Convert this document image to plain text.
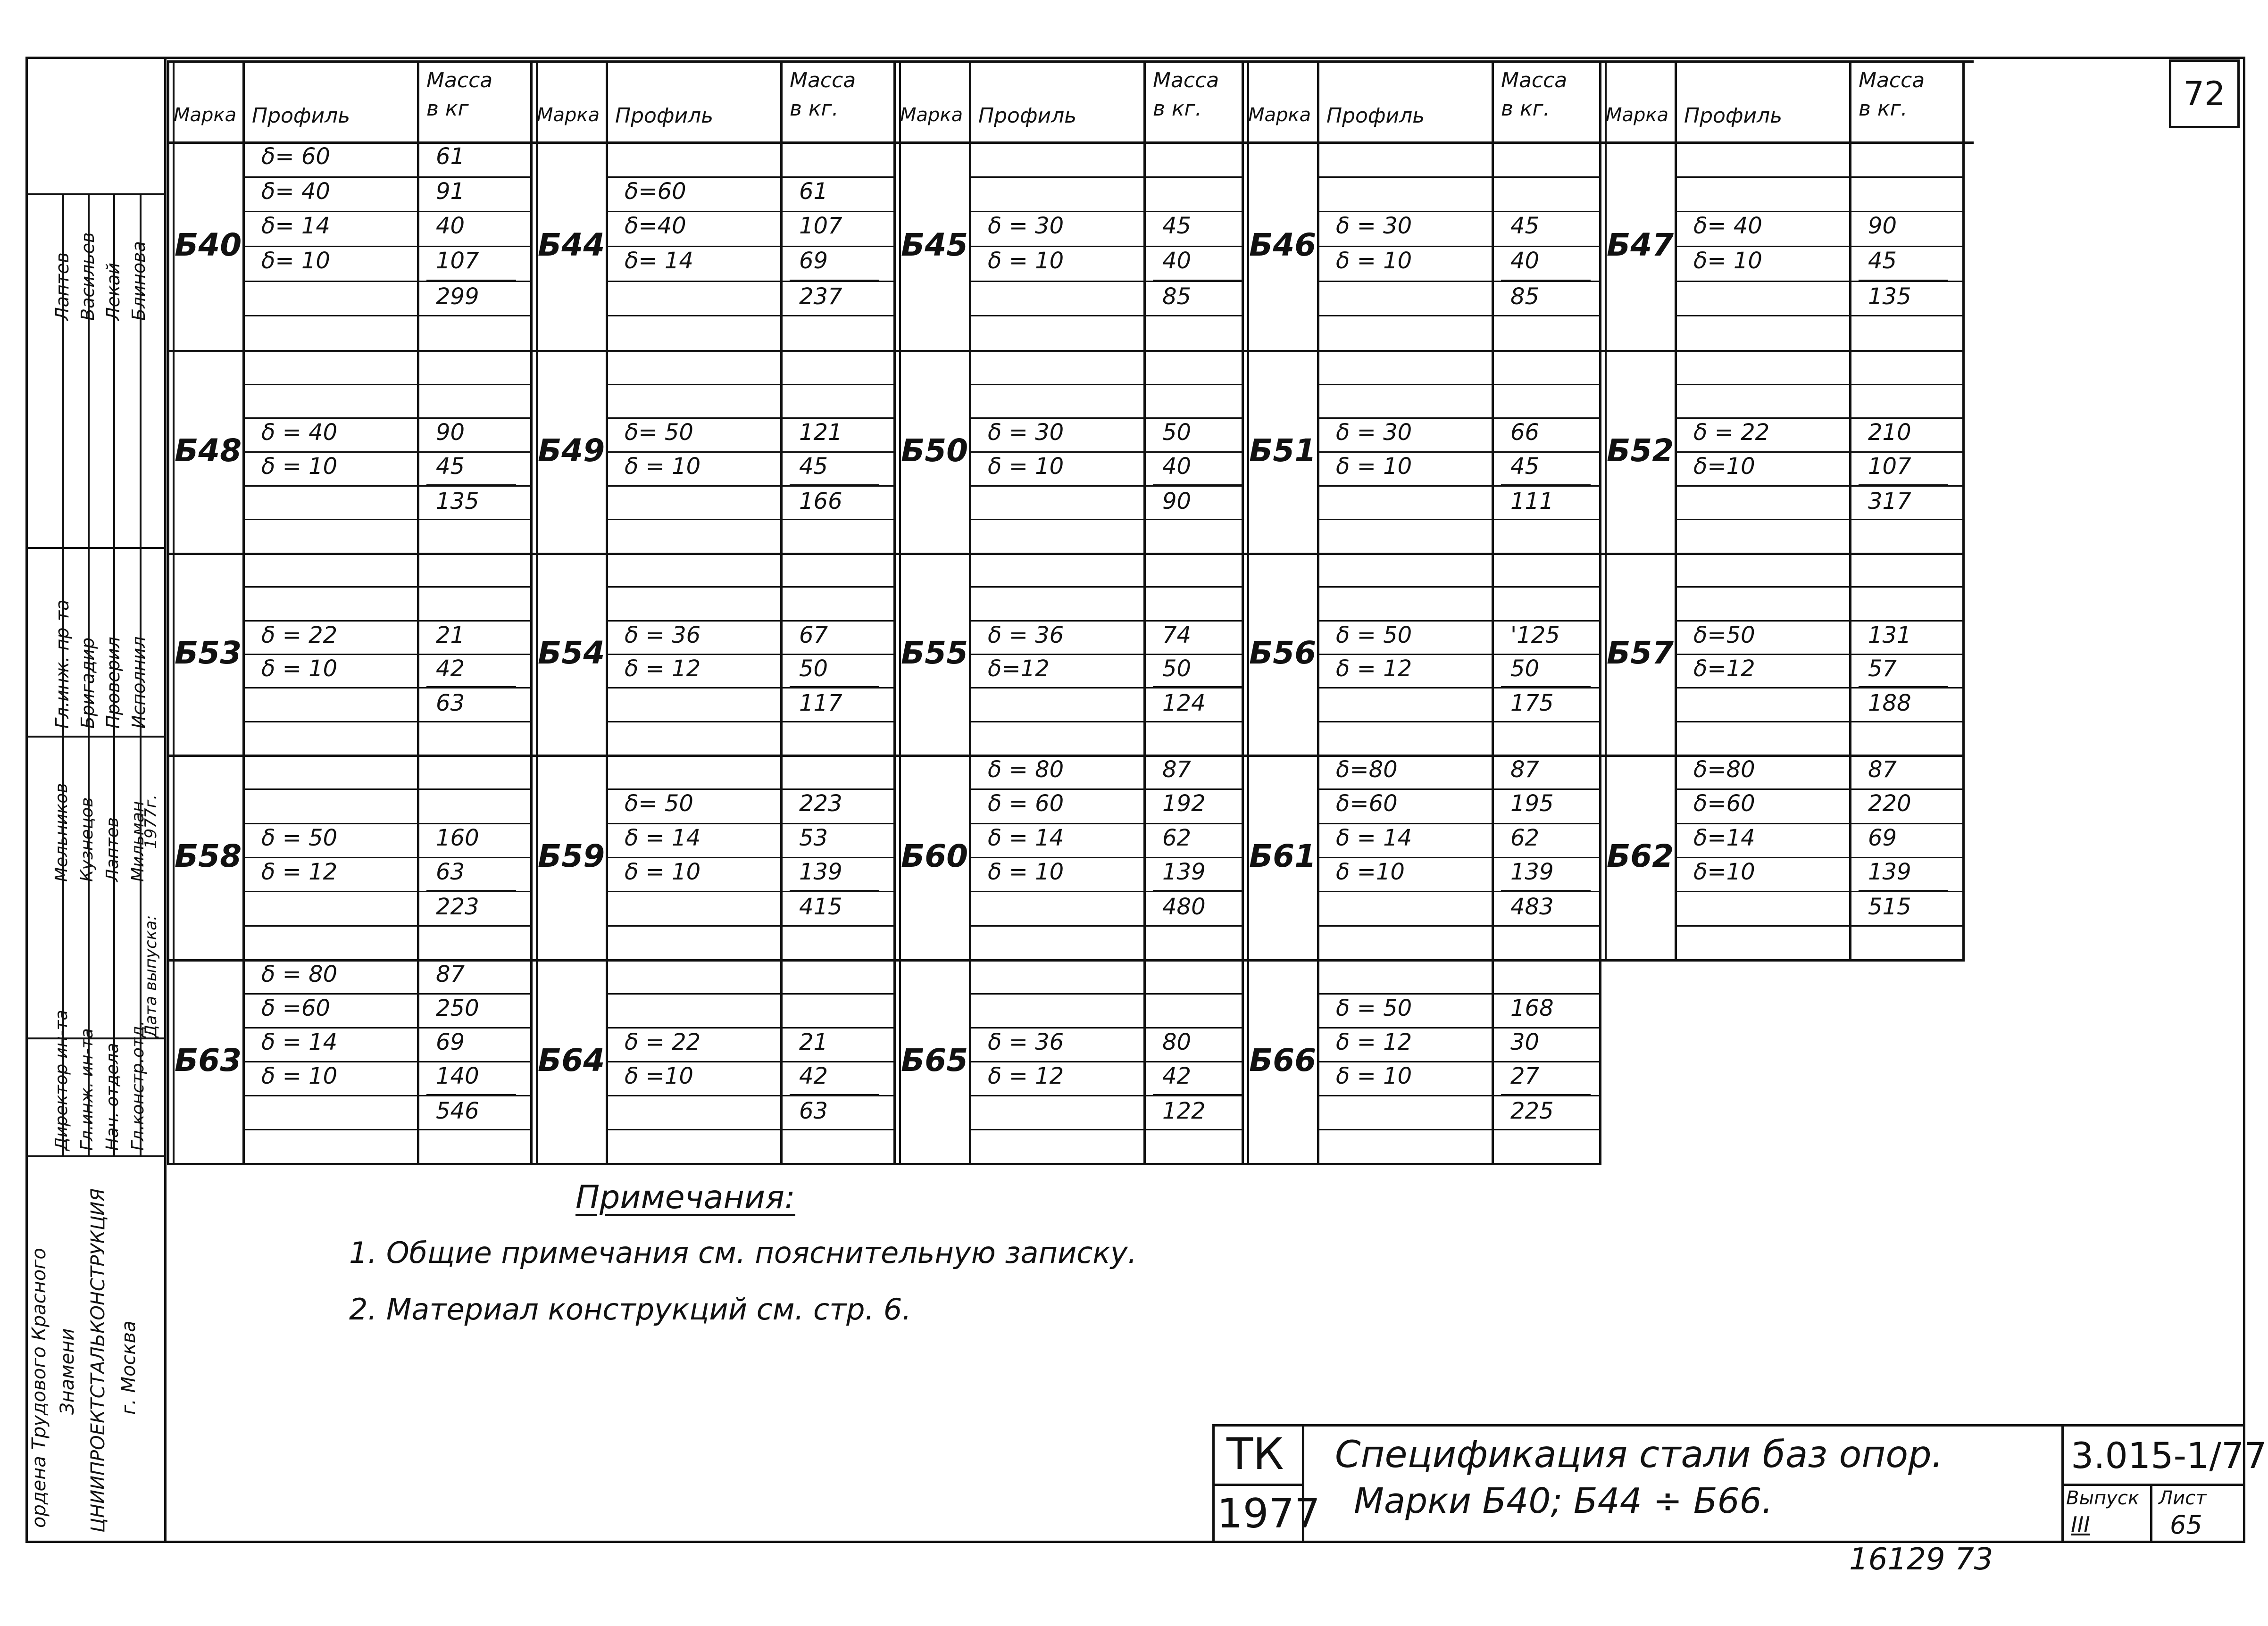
72
Гл.инж. пр-та
Лаптев
Бригадир
Васильев
Проверил
Лекай
Исполнил
Блинова
Директор ин-та
Мельников
Гл.инж. ин-та
Кузнецов
Нач. отдела
Лаптев
Гл.констр.отд.
Мильман
Дата выпуска:
1977г.
ордена Трудового Красного Знамени ЦНИИПРОЕКТСТАЛЬКОНСТРУКЦИЯ г. Москва
Марка Профиль
Масса
в кг
Б40
δ= 60	61
δ= 40	91
δ= 14	40
δ= 10	107
299
Б48 δ = 40	90
δ = 10	45
135
Б53 δ = 22	21
δ = 10	42
63
Б58
δ = 50	160
δ = 12	63
223
Б63
δ = 80	87
δ =60	250
δ = 14	69
δ = 10	140
546
Марка Профиль
Масса
в кг.
Б44
δ=60	61
δ=40	107
δ= 14	69
237
Б49 δ= 50	121
δ = 10	45
166
Б54 δ = 36	67
δ = 12	50
117
Б59
δ= 50	223
δ = 14	53
δ = 10	139
415
Б64 δ = 22	21
δ =10	42
63
Марка Профиль
Масса
в кг.
Б45
δ = 30	45
δ = 10	40
85
Б50 δ = 30	50
δ = 10	40
90
Б55 δ = 36	74
δ=12	50
124
Б60
δ = 80	87
δ = 60	192
δ = 14	62
δ = 10	139
480
Б65 δ = 36	80
δ = 12	42
122
Марка Профиль
Масса
в кг.
Б46
δ = 30	45
δ = 10	40
85
Б51 δ = 30	66
δ = 10	45
111
Б56 δ = 50	'125
δ = 12	50
175
Б61
δ=80	87
δ=60	195
δ = 14	62
δ =10	139
483
Б66
δ = 50	168
δ = 12	30
δ = 10	27
225
Марка Профиль
Масса
в кг.
Б47
δ= 40	90
δ= 10	45
135
Б52 δ = 22	210
δ=10	107
317
Б57 δ=50	131
δ=12	57
188
Б62
δ=80	87
δ=60	220
δ=14	69
δ=10	139
515
Примечания:
1. Общие примечания см. пояснительную записку.
2. Материал конструкций см. стр. 6.
ТК
1977
Спецификация стали баз опор.
Марки Б40; Б44 ÷ Б66.
3.015-1/77
Выпуск
III
Лист
65
16129 73
